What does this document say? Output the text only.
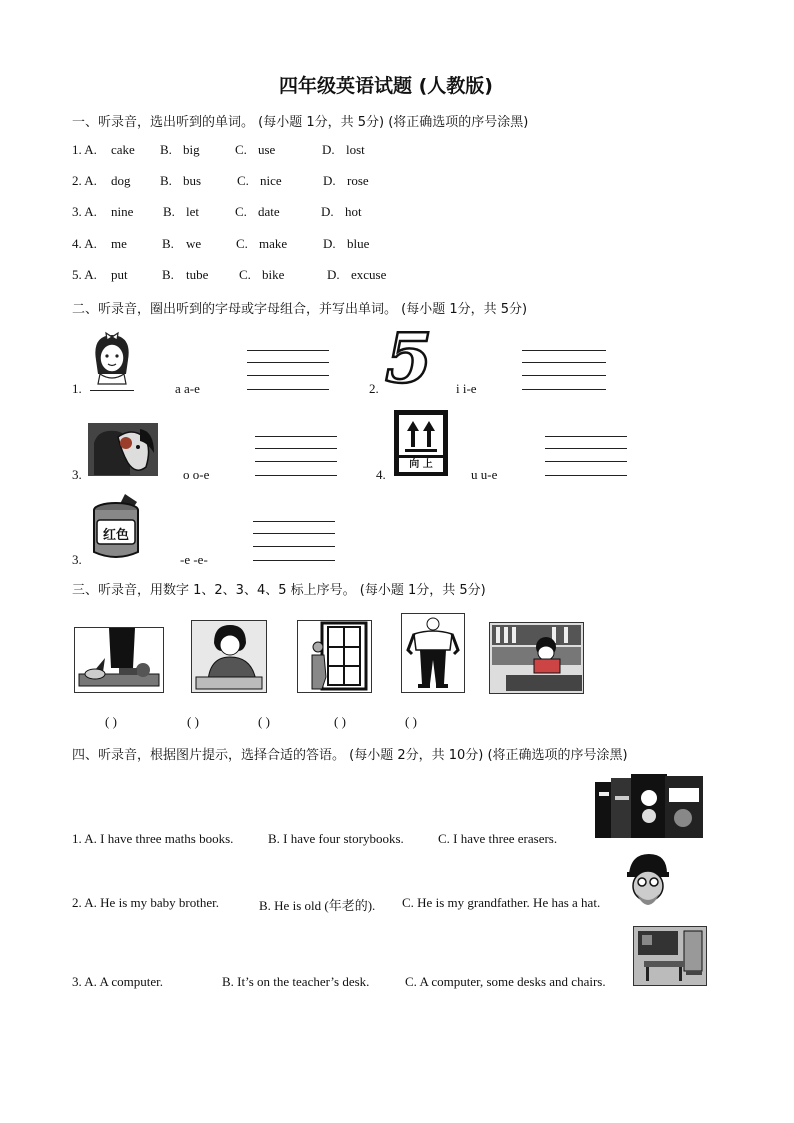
四年级英语试题 (人教版)
一、听录音，选出听到的单词。 (每小题 1分，共 5分) (将正确选项的序号涂黑)
1. A. cake B. big	C. use	D. lost
2. A. dog B. bus	C. nice	D. rose
3. A. nine B. let	C. date	D. hot
4. A. me	B. we	C. make	D. blue
5. A. put	B. tube C. bike	D. excuse
二、听录音，圈出听到的字母或字母组合，并写出单词。 (每小题 1分，共 5分)
1.	a a-e	2. 5 i i-e
3.	o o-e	4.
向 上
u u-e
3.
红色
-e -e-
三、听录音，用数字 1、2、3、4、5 标上序号。 (每小题 1分，共 5分)
( )	( )	( )	( )	( )
四、听录音，根据图片提示，选择合适的答语。 (每小题 2分，共 10分) (将正确选项的序号涂黑)
1. A. I have three maths books.	B. I have four storybooks.	C. I have three erasers.
2. A. He is my baby brother.	B. He is old (年老的). C. He is my grandfather. He has a hat.
3. A. A computer.	B. It’s on the teacher’s desk.	C. A computer, some desks and chairs.
